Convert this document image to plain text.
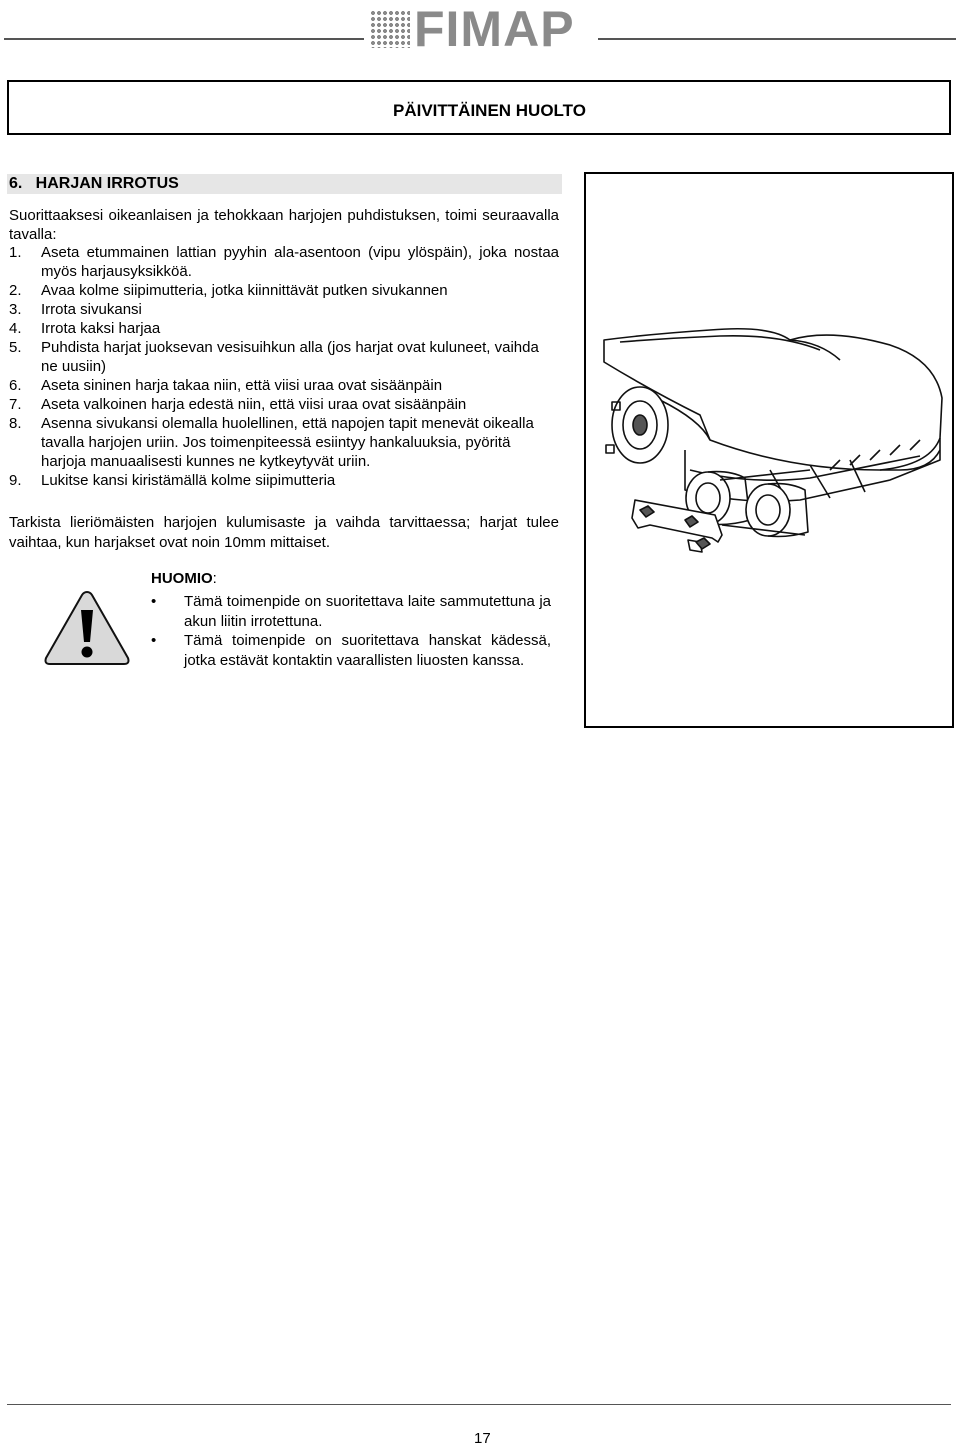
FIMAP
PÄIVITTÄINEN HUOLTO
6.   HARJAN IRROTUS
Suorittaaksesi oikeanlaisen ja tehokkaan harjojen puhdistuksen, toimi seuraavalla tavalla:
1. Aseta etummainen lattian pyyhin ala-asentoon (vipu ylöspäin), joka nostaa myös harjausyksikköä.
2. Avaa kolme siipimutteria, jotka kiinnittävät putken sivukannen
3. Irrota sivukansi
4. Irrota kaksi harjaa
5. Puhdista harjat juoksevan vesisuihkun alla (jos harjat ovat kuluneet, vaihda ne uusiin)
6. Aseta sininen harja takaa niin, että viisi uraa ovat sisäänpäin
7. Aseta valkoinen harja edestä niin, että viisi uraa ovat sisäänpäin
8. Asenna sivukansi olemalla huolellinen, että napojen tapit menevät oikealla tavalla harjojen uriin. Jos toimenpiteessä esiintyy hankaluuksia, pyöritä harjoja manuaalisesti kunnes ne kytkeytyvät uriin.
9. Lukitse kansi kiristämällä kolme siipimutteria
Tarkista lieriömäisten harjojen kulumisaste ja vaihda tarvittaessa; harjat tulee vaihtaa, kun harjakset ovat noin 10mm mittaiset.
HUOMIO:
• Tämä toimenpide on suoritettava laite sammutettuna ja akun liitin irrotettuna.
• Tämä toimenpide on suoritettava hanskat kädessä, jotka estävät kontaktin vaarallisten liuosten kanssa.
17
